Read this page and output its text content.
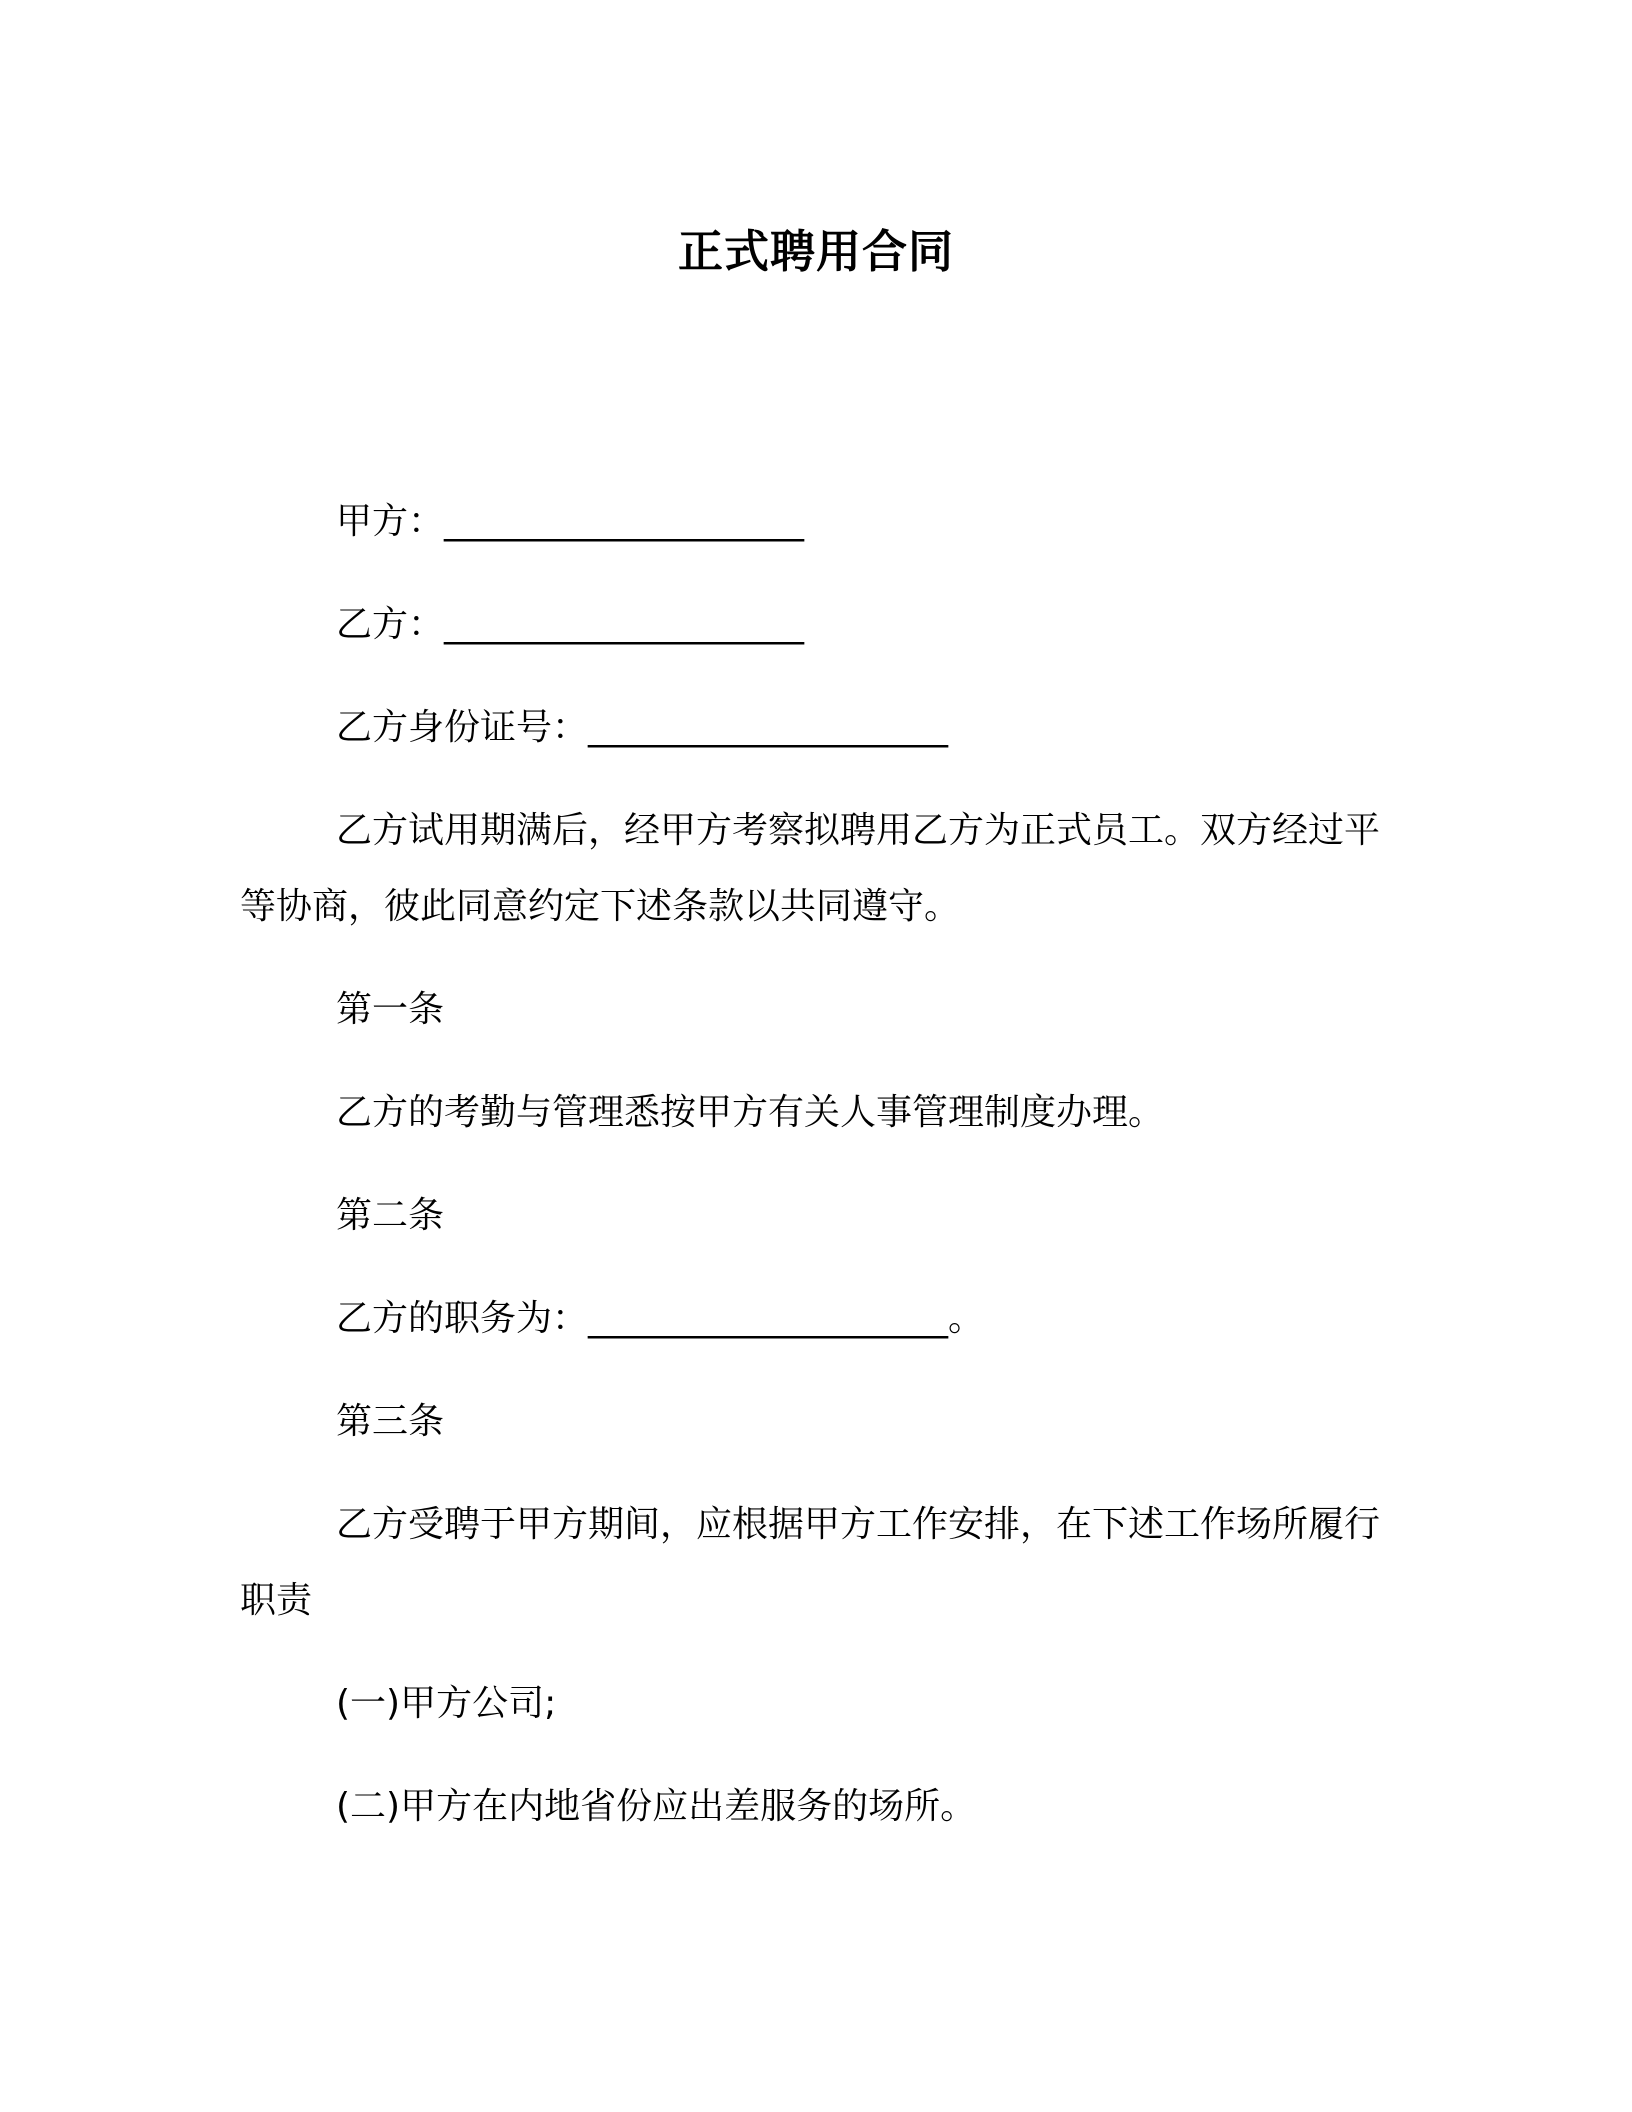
正式聘用合同
甲方：____________________
乙方：____________________
乙方身份证号：____________________
乙方试用期满后，经甲方考察拟聘用乙方为正式员工。双方经过平等协商，彼此同意约定下述条款以共同遵守。
第一条
乙方的考勤与管理悉按甲方有关人事管理制度办理。
第二条
乙方的职务为：____________________。
第三条
乙方受聘于甲方期间，应根据甲方工作安排，在下述工作场所履行职责
(一)甲方公司;
(二)甲方在内地省份应出差服务的场所。
